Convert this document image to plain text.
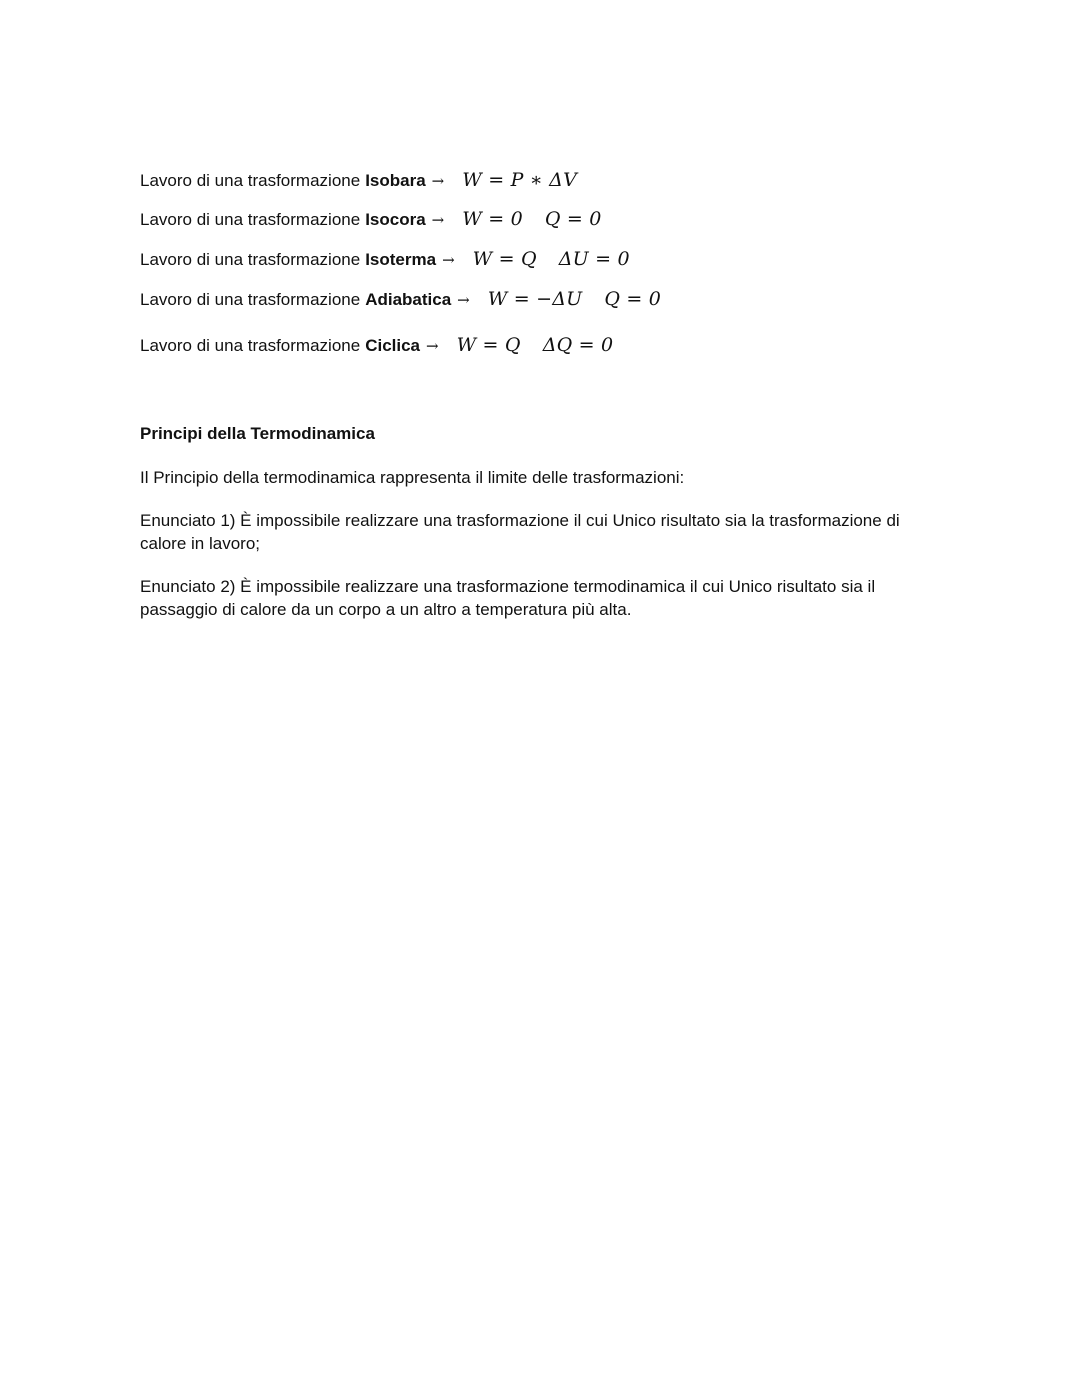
Lavoro di una trasformazione Isobara → W = P ∗ ΔV
Lavoro di una trasformazione Isocora → W = 0 Q = 0
Lavoro di una trasformazione Isoterma → W = Q ΔU = 0
Lavoro di una trasformazione Adiabatica → W = −ΔU Q = 0
Lavoro di una trasformazione Ciclica → W = Q ΔQ = 0
Principi della Termodinamica

Il Principio della termodinamica rappresenta il limite delle trasformazioni:

Enunciato 1) È impossibile realizzare una trasformazione il cui Unico risultato sia la trasformazione di
calore in lavoro;

Enunciato 2) È impossibile realizzare una trasformazione termodinamica il cui Unico risultato sia il
passaggio di calore da un corpo a un altro a temperatura più alta.
